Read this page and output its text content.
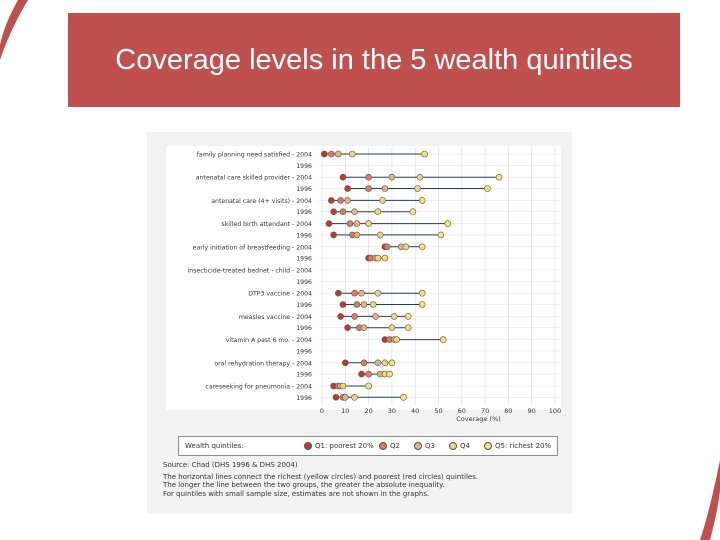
Coverage levels in the 5 wealth quintiles
family planning need satisfied - 2004
1996
antenatal care skilled provider - 2004
1996
antenatal care (4+ visits) - 2004
1996
skilled birth attendant - 2004
1996
early initiation of breastfeeding - 2004
1996
insecticide-treated bednet - child - 2004
1996
DTP3 vaccine - 2004
1996
measles vaccine - 2004
1996
vitamin A past 6 mo. - 2004
1996
oral rehydration therapy - 2004
1996
careseeking for pneumonia - 2004
1996
0	10 20 30 40 50 60 70 80 90 100
Coverage (%)
Wealth quintiles:	Q1: poorest 20% Q2	Q3	Q4	Q5: richest 20%
Source: Chad (DHS 1996 & DHS 2004)
The horizontal lines connect the richest (yellow circles) and poorest (red circles) quintiles.
The longer the line between the two groups, the greater the absolute inequality.
For quintiles with small sample size, estimates are not shown in the graphs.
